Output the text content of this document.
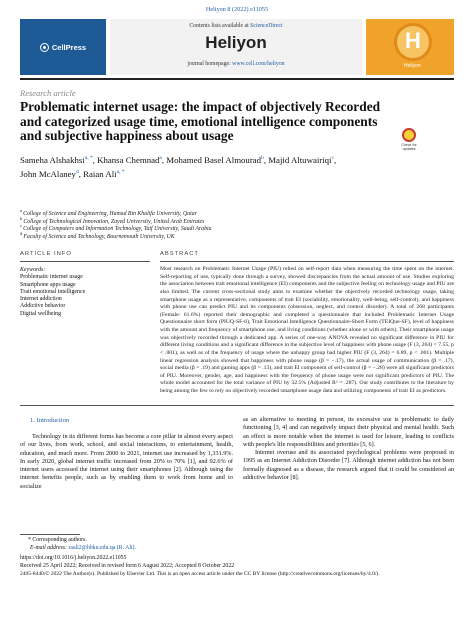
Heliyon 8 (2022) e11055
CellPress
Contents lists available at ScienceDirect
Heliyon
journal homepage: www.cell.com/heliyon
H
Heliyon
Research article
Problematic internet usage: the impact of objectively Recorded and categorized usage time, emotional intelligence components and subjective happiness about usage
Check for updates
Sameha Alshakhsi$^{a, *}$, Khansa Chemnad$^a$, Mohamed Basel Almourad$^b$, Majid Altuwairiqi$^c$,
John McAlaney$^d$, Raian Ali$^{a, *}$
$^a$ College of Science and Engineering, Hamad Bin Khalifa University, Qatar
$^b$ College of Technological Innovation, Zayed University, United Arab Emirates
$^c$ College of Computers and Information Technology, Taif University, Saudi Arabia
$^d$ Faculty of Science and Technology, Bournemouth University, UK
ARTICLE INFO	ABSTRACT
Keywords:
Problematic internet usage
Smartphone apps usage
Trait emotional intelligence
Internet addiction
Addictive behavior
Digital wellbeing
Most research on Problematic Internet Usage (PIU) relied on self-report data when measuring the time spent on the internet. Self-reporting of use, typically done through a survey, showed discrepancies from the actual amount of use. Studies exploring the association between trait emotional intelligence (EI) components and the subjective feeling on technology usage and PIU are also limited. The current cross-sectional study aims to examine whether the objectively recorded technology usage, taking smartphone usage as a representative, components of trait EI (sociability, emotionality, well-being, self-control), and happiness with phone use can predict PIU and its components (obsession, neglect, and control disorder). A total of 268 participants (Female: 61.6%) reported their demographic and completed a questionnaire that included Problematic Internet Usage Questionnaire short form (PIUQ-SF-6), Trait Emotional Intelligence Questionnaire-Short Form (TEIQue-SF), level of happiness with the amount and frequency of smartphone use, and living conditions (whether alone or with others). Their smartphone usage was objectively recorded through a dedicated app. A series of one-way ANOVA revealed no significant difference in PIU for different living conditions and a significant difference in the subjective level of happiness with phone usage (F (3, 264) = 7.55, p < .001), as well as of the frequency of usage where the unhappy group had higher PIU (F (3, 264) = 6.89, p < .001). Multiple linear regression analysis showed that happiness with phone usage (β = −.17), the actual usage of communication (β = .17), social media (β = .19) and gaming apps (β = .13), and trait EI component of self-control (β = −.28) were all significant predictors of PIU. Moreover, gender, age, and happiness with the frequency of phone usage were not significant predictors of PIU. The whole model accounted for the total variance of PIU by 32.5% (Adjusted R² = .287). Our study contributes to the literature by being among the few to rely on objectively recorded smartphone usage data and utilizing components of trait EI as predictors.
1. Introduction
Technology in its different forms has become a core pillar in almost every aspect of our lives, from work, school, and social interactions, to entertainment, health, education, and much more. From 2000 to 2021, internet use increased by 1,331.9%. In early 2020, global internet traffic increased from 20% to 70% [1], and 92.6% of internet users accessed the internet using their smartphones [2]. Although using the internet benefits people, such as by enabling them to work from home and to socialize
as an alternative to meeting in person, its excessive use is problematic to daily functioning [3, 4] and can negatively impact their physical and mental health. Such an effect is more notable when the internet is used for leisure, leading to conflicts with people's life responsibilities and priorities [5, 6].
Internet overuse and its associated psychological problems were proposed in 1995 as an Internet Addiction Disorder [7]. Although internet addiction has not been formally diagnosed as a disease, the research argued that it could be considered an addictive behavior [8].
* Corresponding authors.
E-mail address: raali2@hbku.edu.qa (R. Ali).
https://doi.org/10.1016/j.heliyon.2022.e11055
Received 25 April 2022; Received in revised form 6 August 2022; Accepted 8 October 2022
2405-8440/© 2022 The Author(s). Published by Elsevier Ltd. This is an open access article under the CC BY license (http://creativecommons.org/licenses/by/4.0/).
